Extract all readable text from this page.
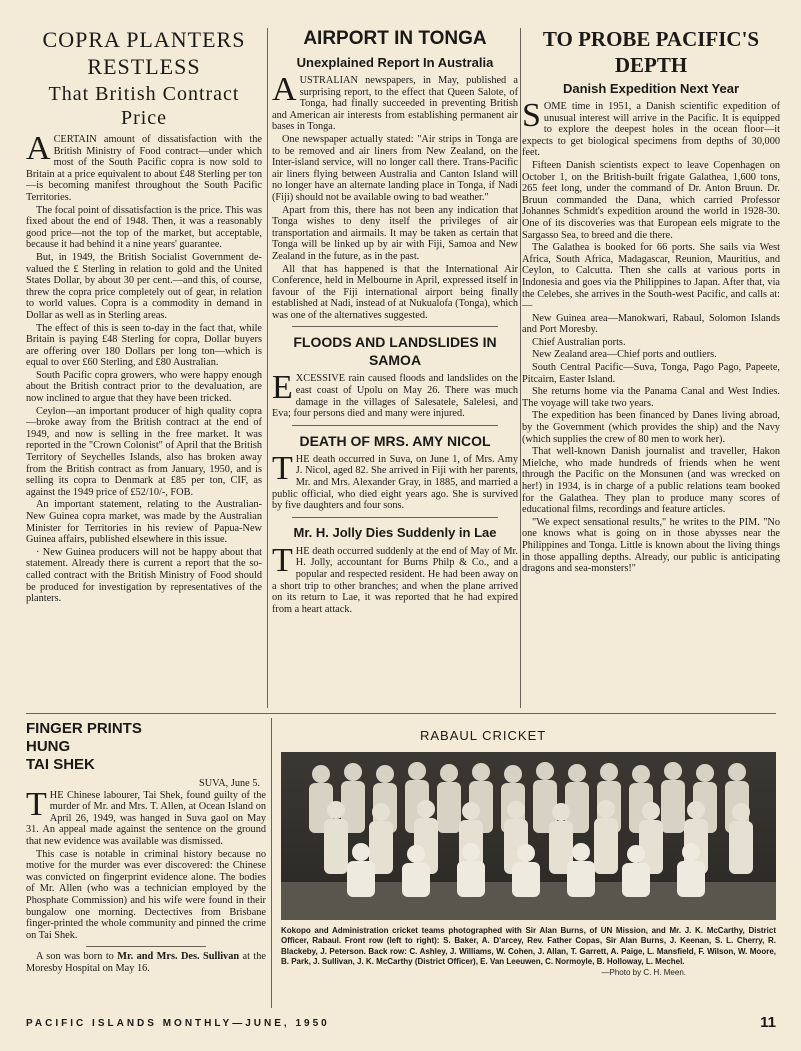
COPRA PLANTERS
RESTLESS
That British Contract
Price

ACERTAIN amount of dissatisfaction with the British Ministry of Food contract—under which most of the South Pacific copra is now sold to Britain at a price equivalent to about £48 Sterling per ton—is becoming manifest throughout the South Pacific Territories.

The focal point of dissatisfaction is the price. This was fixed about the end of 1948. Then, it was a reasonably good price—not the top of the market, but acceptable, because it had behind it a nine years' guarantee.

But, in 1949, the British Socialist Government de-valued the £ Sterling in relation to gold and the United States Dollar, by about 30 per cent.—and this, of course, threw the copra price completely out of gear, in relation to world values. Copra is a commodity in demand in Dollar as well as in Sterling areas.

The effect of this is seen to-day in the fact that, while Britain is paying £48 Sterling for copra, Dollar buyers are offering over 180 Dollars per long ton—which is equal to over £60 Sterling, and £80 Australian.

South Pacific copra growers, who were happy enough about the British contract prior to the devaluation, are now inclined to argue that they have been tricked.

Ceylon—an important producer of high quality copra—broke away from the British contract at the end of 1949, and now is selling in the free market. It was reported in the "Crown Colonist" of April that the British Territory of Seychelles Islands, also has broken away from the British contract as from January, 1950, and is selling its copra to Denmark at £85 per ton, CIF, as against the 1949 price of £52/10/-, FOB.

An important statement, relating to the Australian-New Guinea copra market, was made by the Australian Minister for Territories in his review of Papua-New Guinea affairs, published elsewhere in this issue.

· New Guinea producers will not be happy about that statement. Already there is current a report that the so-called contract with the British Ministry of Food should be produced for investigation by representatives of the planters.

AIRPORT IN TONGA
Unexplained Report In Australia

AUSTRALIAN newspapers, in May, published a surprising report, to the effect that Queen Salote, of Tonga, had finally succeeded in preventing British and American air interests from establishing permanent air bases in Tonga.

One newspaper actually stated: "Air strips in Tonga are to be removed and air liners from New Zealand, on the Inter-island service, will no longer call there. Trans-Pacific air liners flying between Australia and Canton Island will no longer have an alternate landing place in Tonga, if Nadi (Fiji) should not be available owing to bad weather."

Apart from this, there has not been any indication that Tonga wishes to deny itself the privileges of air transportation and airmails. It may be taken as certain that Tonga will be linked up by air with Fiji, Samoa and New Zealand in the future, as in the past.

All that has happened is that the International Air Conference, held in Melbourne in April, expressed itself in favour of the Fiji international airport being finally established at Nadi, instead of at Nukualofa (Tonga), which was one of the alternatives suggested.

FLOODS AND LANDSLIDES IN SAMOA

EXCESSIVE rain caused floods and landslides on the east coast of Upolu on May 26. There was much damage in the villages of Salesatele, Salelesi, and Eva; four persons died and many were injured.

DEATH OF MRS. AMY NICOL

THE death occurred in Suva, on June 1, of Mrs. Amy J. Nicol, aged 82. She arrived in Fiji with her parents, Mr. and Mrs. Alexander Gray, in 1885, and married a public official, who died eight years ago. She is survived by five daughters and four sons.

Mr. H. Jolly Dies Suddenly in Lae

THE death occurred suddenly at the end of May of Mr. H. Jolly, accountant for Burns Philp & Co., and a popular and respected resident. He had been away on a short trip to other branches; and when the plane arrived on its return to Lae, it was reported that he had expired from a heart attack.

TO PROBE PACIFIC'S
DEPTH
Danish Expedition Next Year

SOME time in 1951, a Danish scientific expedition of unusual interest will arrive in the Pacific. It is equipped to explore the deepest holes in the ocean floor—it expects to get biological specimens from depths of 30,000 feet.

Fifteen Danish scientists expect to leave Copenhagen on October 1, on the British-built frigate Galathea, 1,600 tons, 265 feet long, under the command of Dr. Anton Bruun. Dr. Bruun commanded the Dana, which carried Professor Johannes Schmidt's expedition around the world in 1928-30. One of its discoveries was that European eels migrate to the Sargasso Sea, to breed and die there.

The Galathea is booked for 66 ports. She sails via West Africa, South Africa, Madagascar, Reunion, Mauritius, and Ceylon, to Calcutta. Then she calls at various ports in Indonesia and goes via the Philippines to Japan. After that, via the Celebes, she arrives in the South-west Pacific, and calls at:—

New Guinea area—Manokwari, Rabaul, Solomon Islands and Port Moresby.

Chief Australian ports.

New Zealand area—Chief ports and outliers.

South Central Pacific—Suva, Tonga, Pago Pago, Papeete, Pitcairn, Easter Island.

She returns home via the Panama Canal and West Indies. The voyage will take two years.

The expedition has been financed by Danes living abroad, by the Government (which provides the ship) and the Navy (which supplies the crew of 80 men to work her).

That well-known Danish journalist and traveller, Hakon Mielche, who made hundreds of friends when he went through the Pacific on the Monsunen (and was wrecked on her!) in 1934, is in charge of a public relations team booked for the Galathea. They plan to produce many scores of educational films, recordings and feature articles.

"We expect sensational results," he writes to the PIM. "No one knows what is going on in those abysses near the Philippines and Tonga. Little is known about the living things in those appalling depths. Already, our public is anticipating dragons and sea-monsters!"

FINGER PRINTS
HUNG
TAI SHEK
SUVA, June 5.

THE Chinese labourer, Tai Shek, found guilty of the murder of Mr. and Mrs. T. Allen, at Ocean Island on April 26, 1949, was hanged in Suva gaol on May 31. An appeal made against the sentence on the ground that new evidence was available was dismissed.

This case is notable in criminal history because no motive for the murder was ever discovered: the Chinese was convicted on fingerprint evidence alone. The bodies of Mr. Allen (who was a technician employed by the Phosphate Commission) and his wife were found in their bungalow one morning. Dectectives from Brisbane finger-printed the whole community and pinned the crime on Tai Shek.

A son was born to Mr. and Mrs. Des. Sullivan at the Moresby Hospital on May 16.

RABAUL CRICKET
Kokopo and Administration cricket teams photographed with Sir Alan Burns, of UN Mission, and Mr. J. K. McCarthy, District Officer, Rabaul. Front row (left to right): S. Baker, A. D'arcey, Rev. Father Copas, Sir Alan Burns, J. Keenan, S. L. Cherry, R. Blackeby, J. Peterson. Back row: C. Ashley, J. Williams, W. Cohen, J. Allan, T. Garrett, A. Paige, L. Mansfield, F. Wilson, W. Moore, B. Park, J. Sullivan, J. K. McCarthy (District Officer), E. Van Leeuwen, C. Normoyle, B. Holloway, L. Mechel.
—Photo by C. H. Meen.
PACIFIC ISLANDS MONTHLY—JUNE, 1950	11
